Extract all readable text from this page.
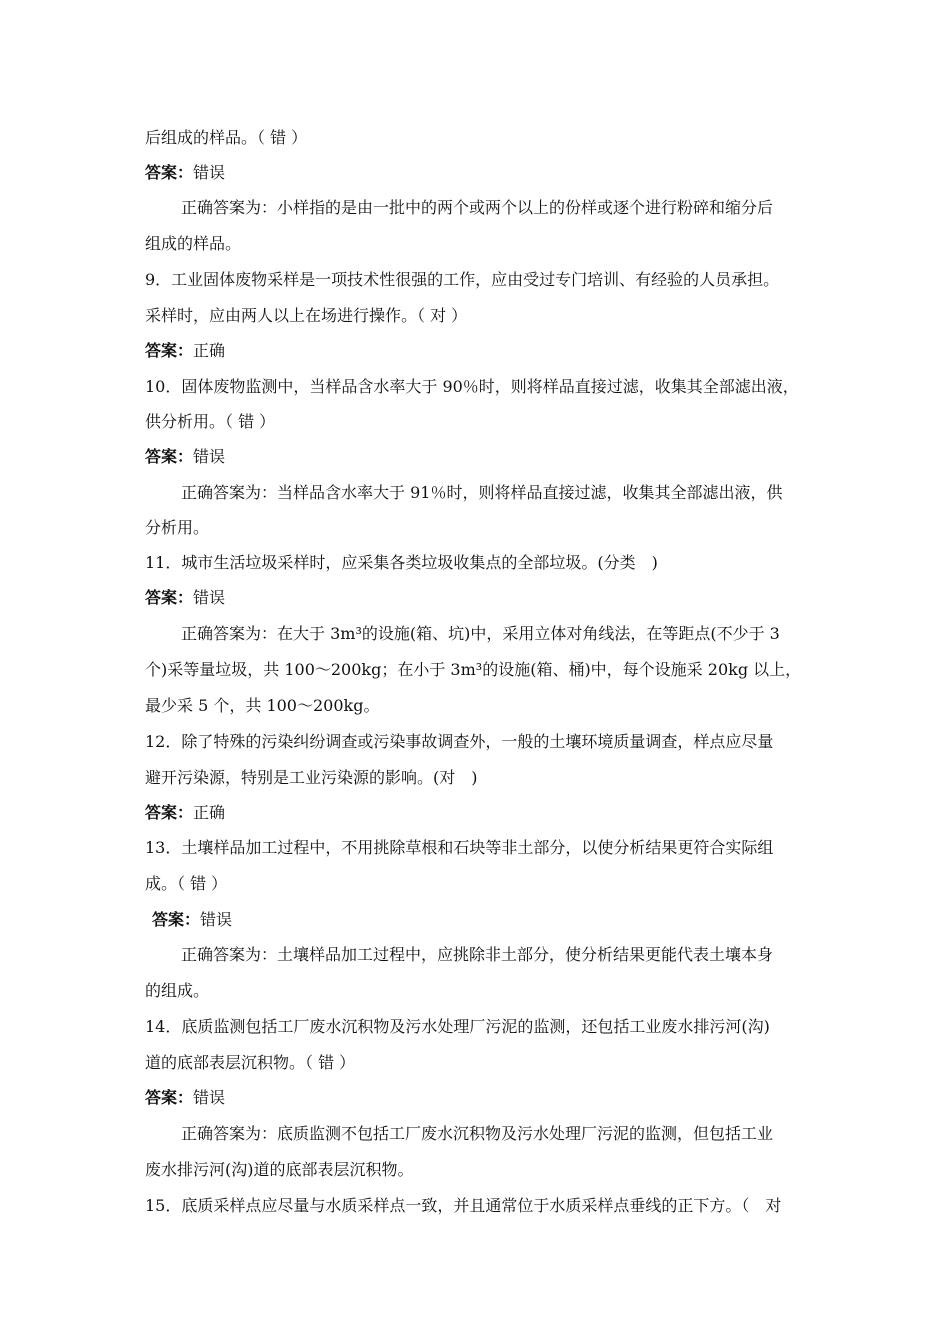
后组成的样品。（ 错 ）
答案：错误
正确答案为：小样指的是由一批中的两个或两个以上的份样或逐个进行粉碎和缩分后
组成的样品。
9．工业固体废物采样是一项技术性很强的工作，应由受过专门培训、有经验的人员承担。
采样时，应由两人以上在场进行操作。（ 对 ）
答案：正确
10．固体废物监测中，当样品含水率大于 90％时，则将样品直接过滤，收集其全部滤出液，
供分析用。（ 错 ）
答案：错误
正确答案为：当样品含水率大于 91％时，则将样品直接过滤，收集其全部滤出液，供
分析用。
11．城市生活垃圾采样时，应采集各类垃圾收集点的全部垃圾。(分类　)
答案：错误
正确答案为：在大于 3m³的设施(箱、坑)中，采用立体对角线法，在等距点(不少于 3
个)采等量垃圾，共 100～200kg；在小于 3m³的设施(箱、桶)中，每个设施采 20kg 以上，
最少采 5 个，共 100～200kg。
12．除了特殊的污染纠纷调查或污染事故调查外，一般的土壤环境质量调查，样点应尽量
避开污染源，特别是工业污染源的影响。(对　)
答案：正确
13．土壤样品加工过程中，不用挑除草根和石块等非土部分，以使分析结果更符合实际组
成。（ 错 ）
答案：错误
正确答案为：土壤样品加工过程中，应挑除非土部分，使分析结果更能代表土壤本身
的组成。
14．底质监测包括工厂废水沉积物及污水处理厂污泥的监测，还包括工业废水排污河(沟)
道的底部表层沉积物。（ 错 ）
答案：错误
正确答案为：底质监测不包括工厂废水沉积物及污水处理厂污泥的监测，但包括工业
废水排污河(沟)道的底部表层沉积物。
15．底质采样点应尽量与水质采样点一致，并且通常位于水质采样点垂线的正下方。（　对
